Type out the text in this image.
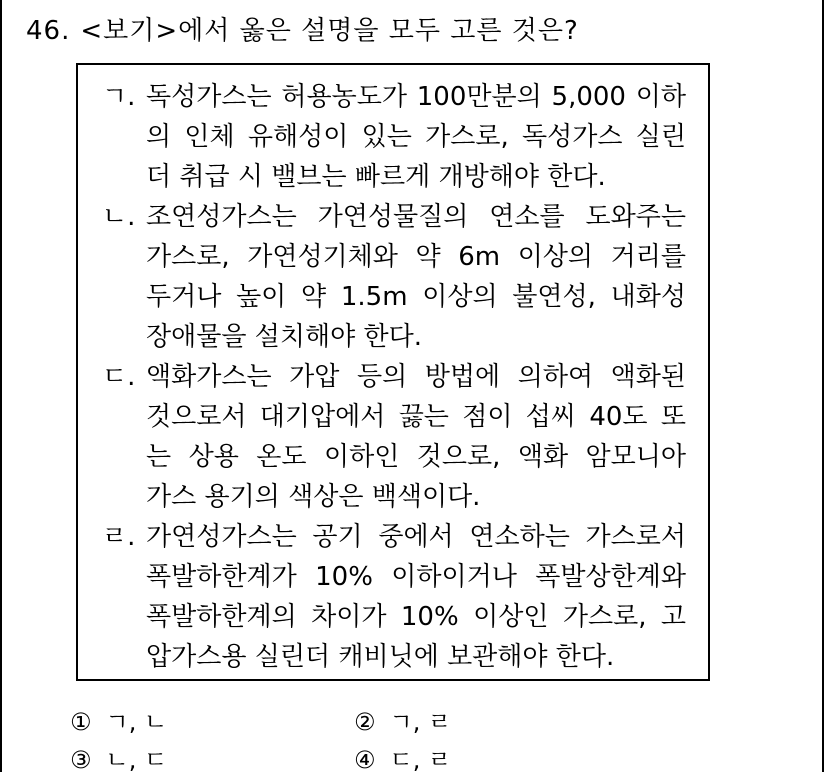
46. <보기>에서 옳은 설명을 모두 고른 것은?
ㄱ. 독성가스는 허용농도가 100만분의 5,000 이하
의 인체 유해성이 있는 가스로, 독성가스 실린
더 취급 시 밸브는 빠르게 개방해야 한다.
ㄴ. 조연성가스는 가연성물질의 연소를 도와주는
가스로, 가연성기체와 약 6m 이상의 거리를
두거나 높이 약 1.5m 이상의 불연성, 내화성
장애물을 설치해야 한다.
ㄷ. 액화가스는 가압 등의 방법에 의하여 액화된
것으로서 대기압에서 끓는 점이 섭씨 40도 또
는 상용 온도 이하인 것으로, 액화 암모니아
가스 용기의 색상은 백색이다.
ㄹ. 가연성가스는 공기 중에서 연소하는 가스로서
폭발하한계가 10% 이하이거나 폭발상한계와
폭발하한계의 차이가 10% 이상인 가스로, 고
압가스용 실린더 캐비닛에 보관해야 한다.
① ㄱ, ㄴ	② ㄱ, ㄹ
③ ㄴ, ㄷ	④ ㄷ, ㄹ
